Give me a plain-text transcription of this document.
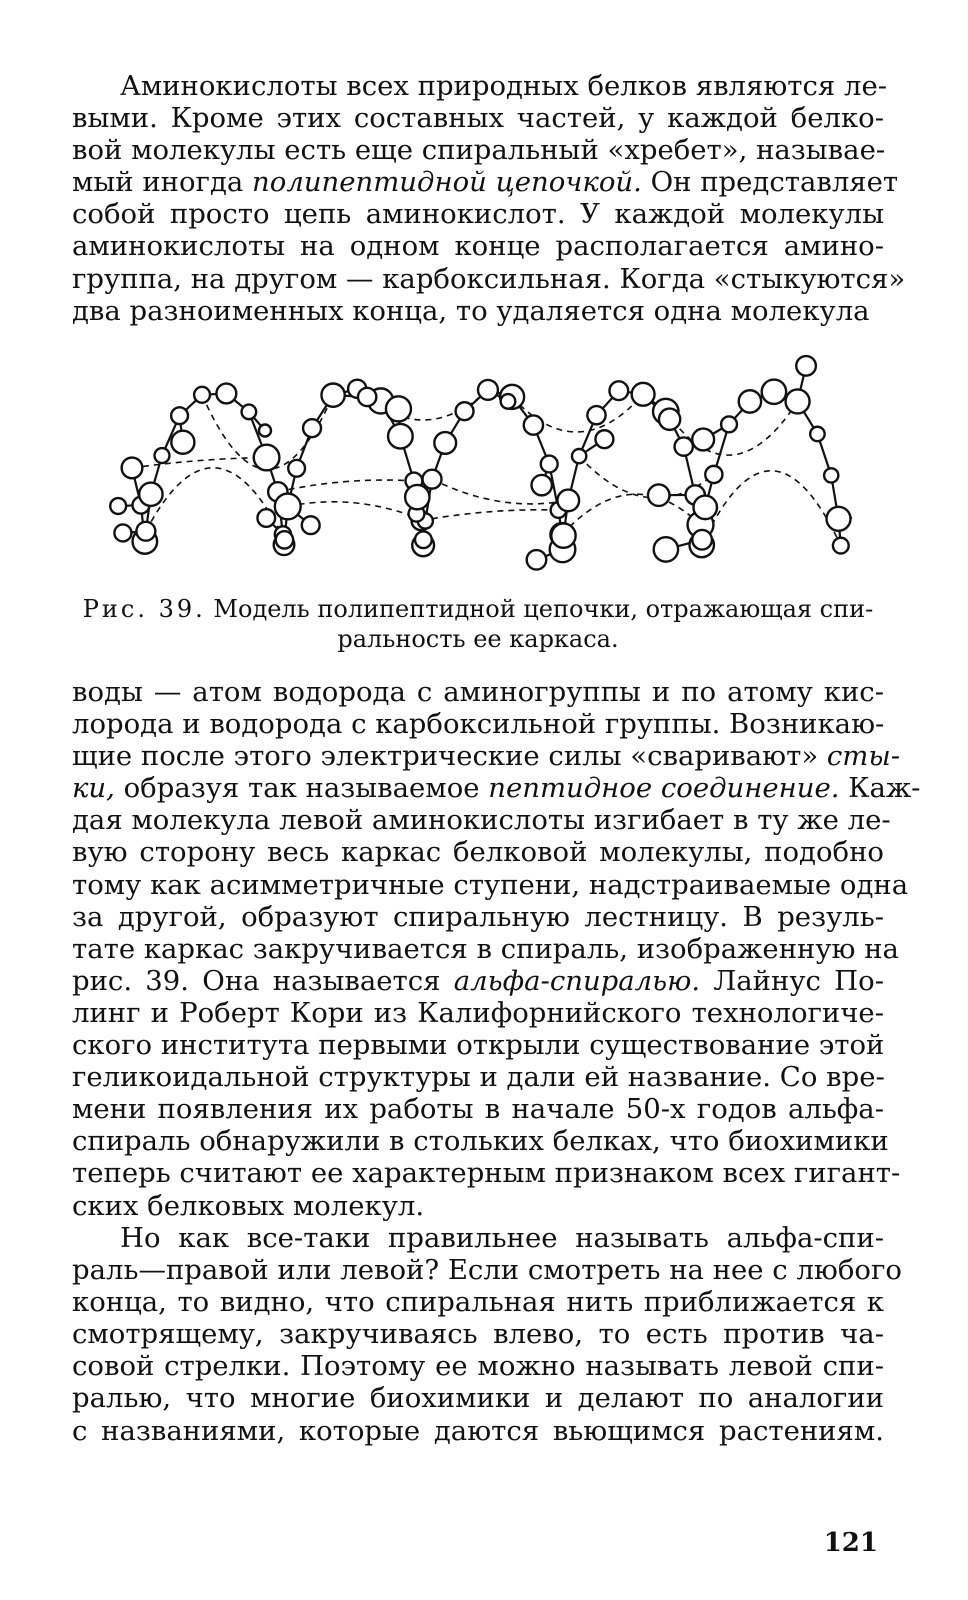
Аминокислоты всех природных белков являются ле-
выми. Кроме этих составных частей, у каждой белко-
вой молекулы есть еще спиральный «хребет», называе-
мый иногда полипептидной цепочкой. Он представляет
собой просто цепь аминокислот. У каждой молекулы
аминокислоты на одном конце располагается амино-
группа, на другом — карбоксильная. Когда «стыкуются»
два разноименных конца, то удаляется одна молекула
Рис. 39. Модель полипептидной цепочки, отражающая спи-
ральность ее каркаса.
воды — атом водорода с аминогруппы и по атому кис-
лорода и водорода с карбоксильной группы. Возникаю-
щие после этого электрические силы «сваривают» сты-
ки, образуя так называемое пептидное соединение. Каж-
дая молекула левой аминокислоты изгибает в ту же ле-
вую сторону весь каркас белковой молекулы, подобно
тому как асимметричные ступени, надстраиваемые одна
за другой, образуют спиральную лестницу. В резуль-
тате каркас закручивается в спираль, изображенную на
рис. 39. Она называется альфа-спиралью. Лайнус По-
линг и Роберт Кори из Калифорнийского технологиче-
ского института первыми открыли существование этой
геликоидальной структуры и дали ей название. Со вре-
мени появления их работы в начале 50-х годов альфа-
спираль обнаружили в стольких белках, что биохимики
теперь считают ее характерным признаком всех гигант-
ских белковых молекул.
Но как все-таки правильнее называть альфа-спи-
раль—правой или левой? Если смотреть на нее с любого
конца, то видно, что спиральная нить приближается к
смотрящему, закручиваясь влево, то есть против ча-
совой стрелки. Поэтому ее можно называть левой спи-
ралью, что многие биохимики и делают по аналогии
с названиями, которые даются вьющимся растениям.
121
